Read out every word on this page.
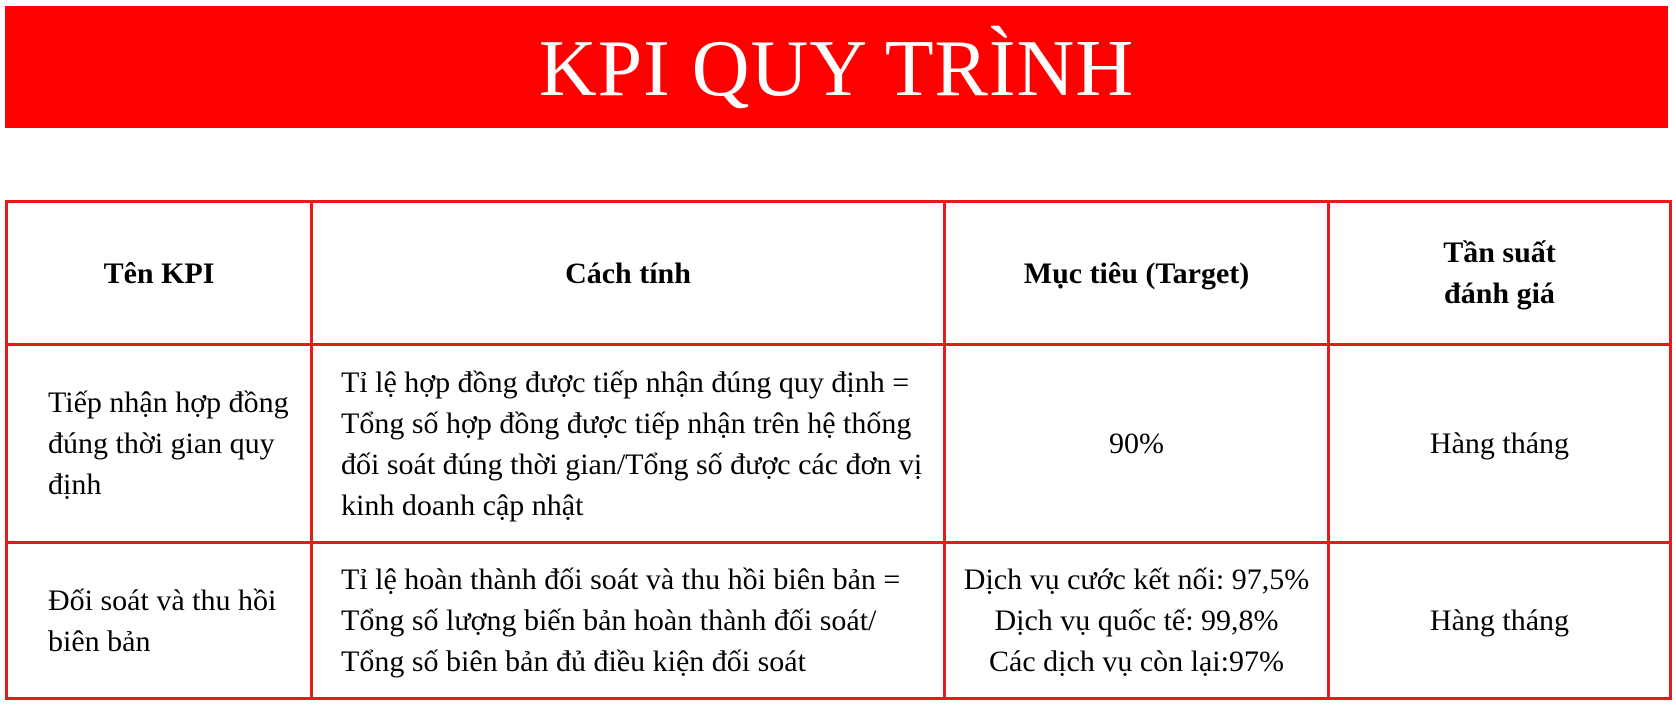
KPI QUY TRÌNH
Tên KPI	Cách tính	Mục tiêu (Target)	Tần suất
đánh giá

Tiếp nhận hợp đồng đúng thời gian quy định	Tỉ lệ hợp đồng được tiếp nhận đúng quy định = Tổng số hợp đồng được tiếp nhận trên hệ thống đối soát đúng thời gian/Tổng số được các đơn vị kinh doanh cập nhật	90%	Hàng tháng
Đối soát và thu hồi biên bản	Tỉ lệ hoàn thành đối soát và thu hồi biên bản = Tổng số lượng biến bản hoàn thành đối soát/ Tổng số biên bản đủ điều kiện đối soát	Dịch vụ cước kết nối: 97,5%
Dịch vụ quốc tế: 99,8%
Các dịch vụ còn lại:97%	Hàng tháng
